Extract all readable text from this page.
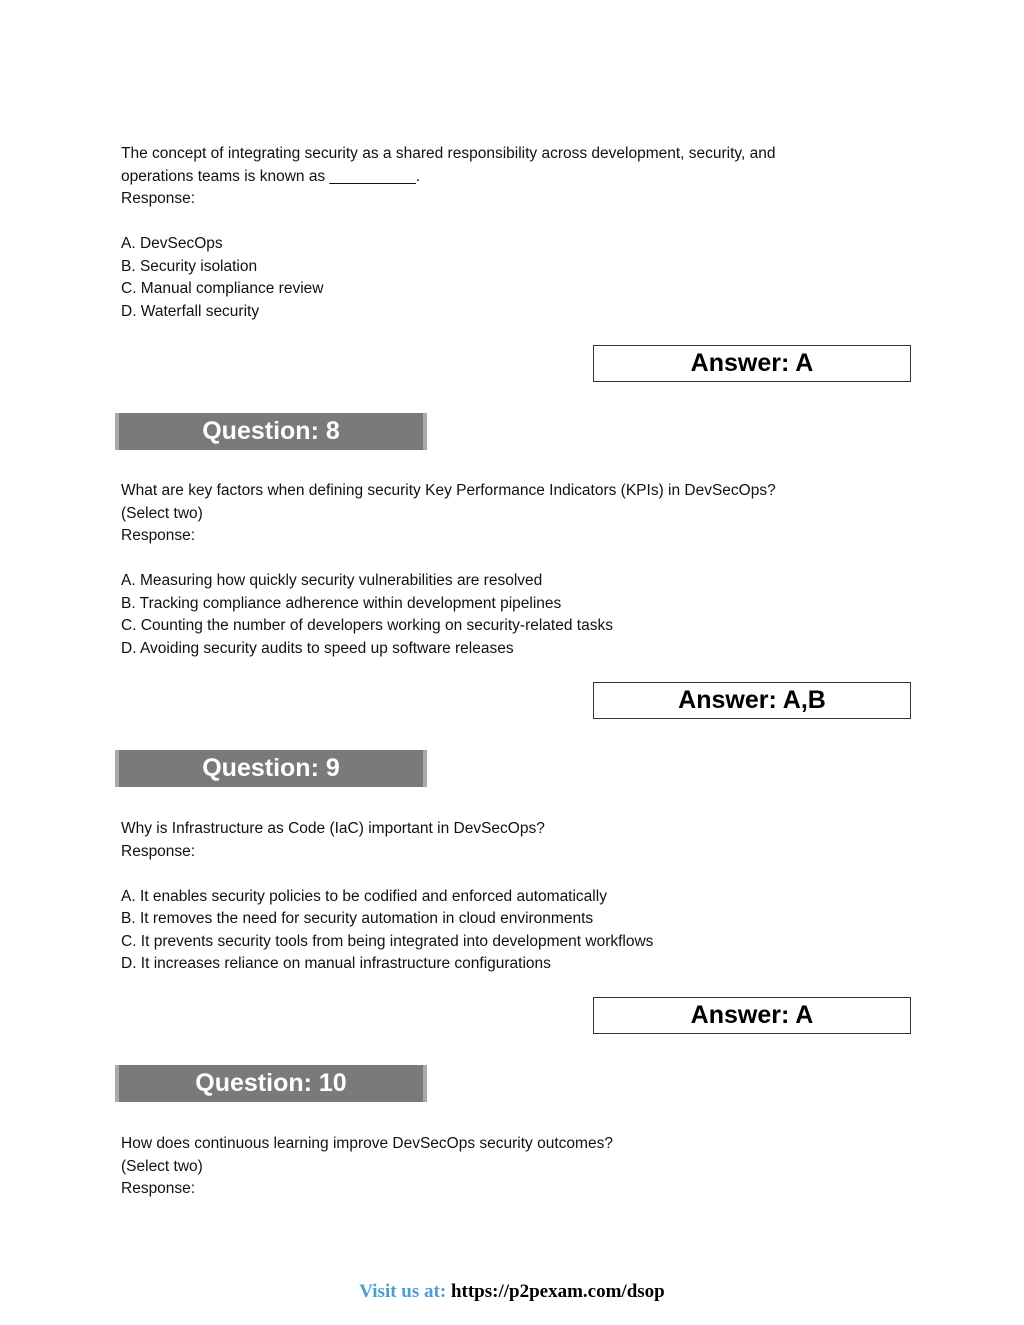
The concept of integrating security as a shared responsibility across development, security, and
operations teams is known as __________.
Response:
A. DevSecOps
B. Security isolation
C. Manual compliance review
D. Waterfall security
Answer: A
Question: 8
What are key factors when defining security Key Performance Indicators (KPIs) in DevSecOps?
(Select two)
Response:
A. Measuring how quickly security vulnerabilities are resolved
B. Tracking compliance adherence within development pipelines
C. Counting the number of developers working on security-related tasks
D. Avoiding security audits to speed up software releases
Answer: A,B
Question: 9
Why is Infrastructure as Code (IaC) important in DevSecOps?
Response:
A. It enables security policies to be codified and enforced automatically
B. It removes the need for security automation in cloud environments
C. It prevents security tools from being integrated into development workflows
D. It increases reliance on manual infrastructure configurations
Answer: A
Question: 10
How does continuous learning improve DevSecOps security outcomes?
(Select two)
Response:
Visit us at: https://p2pexam.com/dsop
